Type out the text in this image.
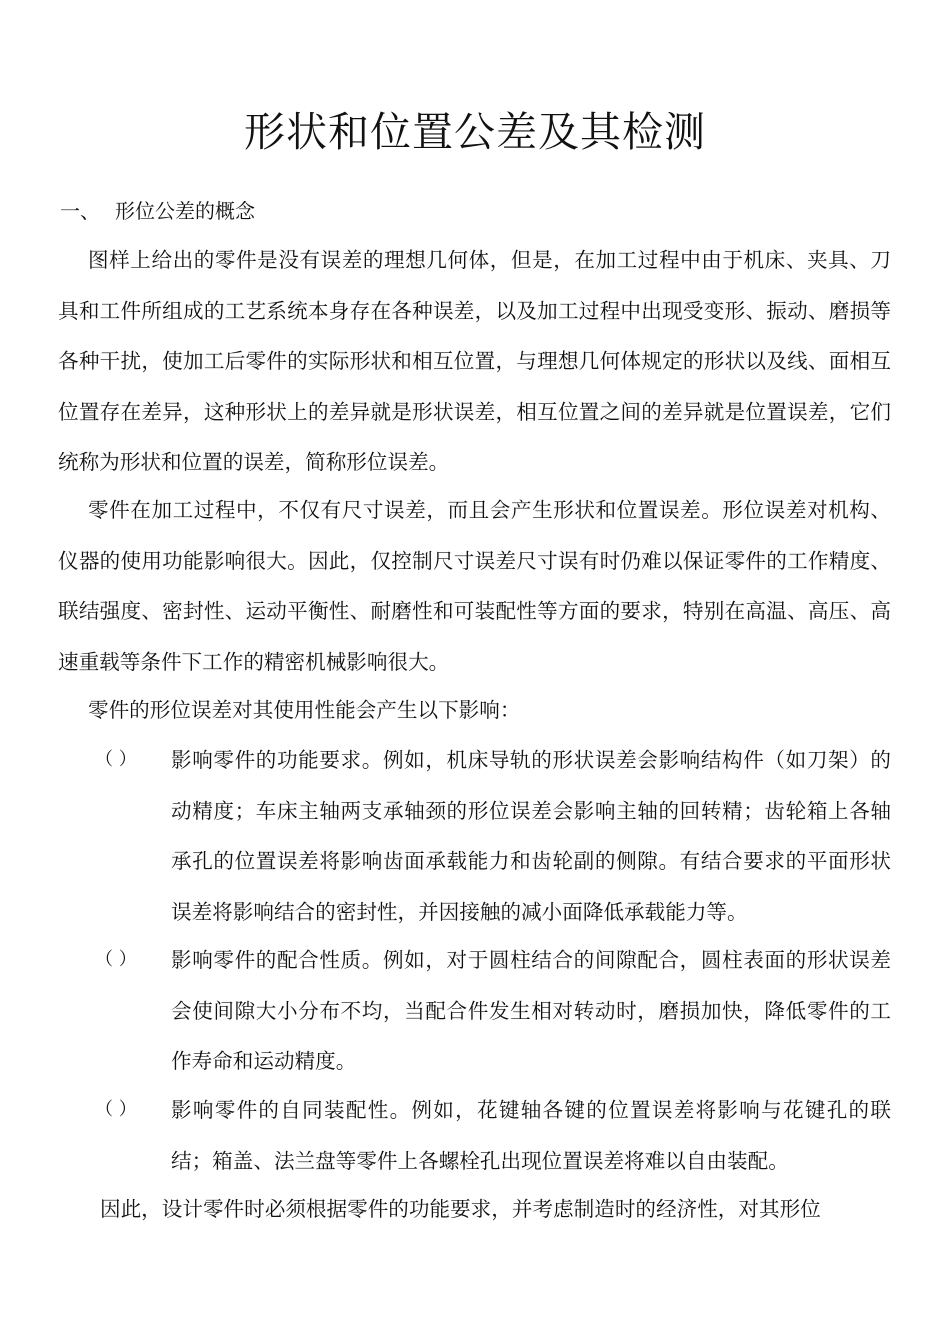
形状和位置公差及其检测
一、 形位公差的概念

图样上给出的零件是没有误差的理想几何体，但是，在加工过程中由于机床、夹具、刀具和工件所组成的工艺系统本身存在各种误差，以及加工过程中出现受变形、振动、磨损等各种干扰，使加工后零件的实际形状和相互位置，与理想几何体规定的形状以及线、面相互位置存在差异，这种形状上的差异就是形状误差，相互位置之间的差异就是位置误差，它们统称为形状和位置的误差，简称形位误差。

零件在加工过程中，不仅有尺寸误差，而且会产生形状和位置误差。形位误差对机构、仪器的使用功能影响很大。因此，仅控制尺寸误差尺寸误有时仍难以保证零件的工作精度、联结强度、密封性、运动平衡性、耐磨性和可装配性等方面的要求，特别在高温、高压、高速重载等条件下工作的精密机械影响很大。

零件的形位误差对其使用性能会产生以下影响：

（ ） 影响零件的功能要求。例如，机床导轨的形状误差会影响结构件（如刀架）的动精度；车床主轴两支承轴颈的形位误差会影响主轴的回转精；齿轮箱上各轴承孔的位置误差将影响齿面承载能力和齿轮副的侧隙。有结合要求的平面形状误差将影响结合的密封性，并因接触的减小面降低承载能力等。

（ ） 影响零件的配合性质。例如，对于圆柱结合的间隙配合，圆柱表面的形状误差会使间隙大小分布不均，当配合件发生相对转动时，磨损加快，降低零件的工作寿命和运动精度。

（ ） 影响零件的自同装配性。例如，花键轴各键的位置误差将影响与花键孔的联结；箱盖、法兰盘等零件上各螺栓孔出现位置误差将难以自由装配。

因此，设计零件时必须根据零件的功能要求，并考虑制造时的经济性，对其形位
